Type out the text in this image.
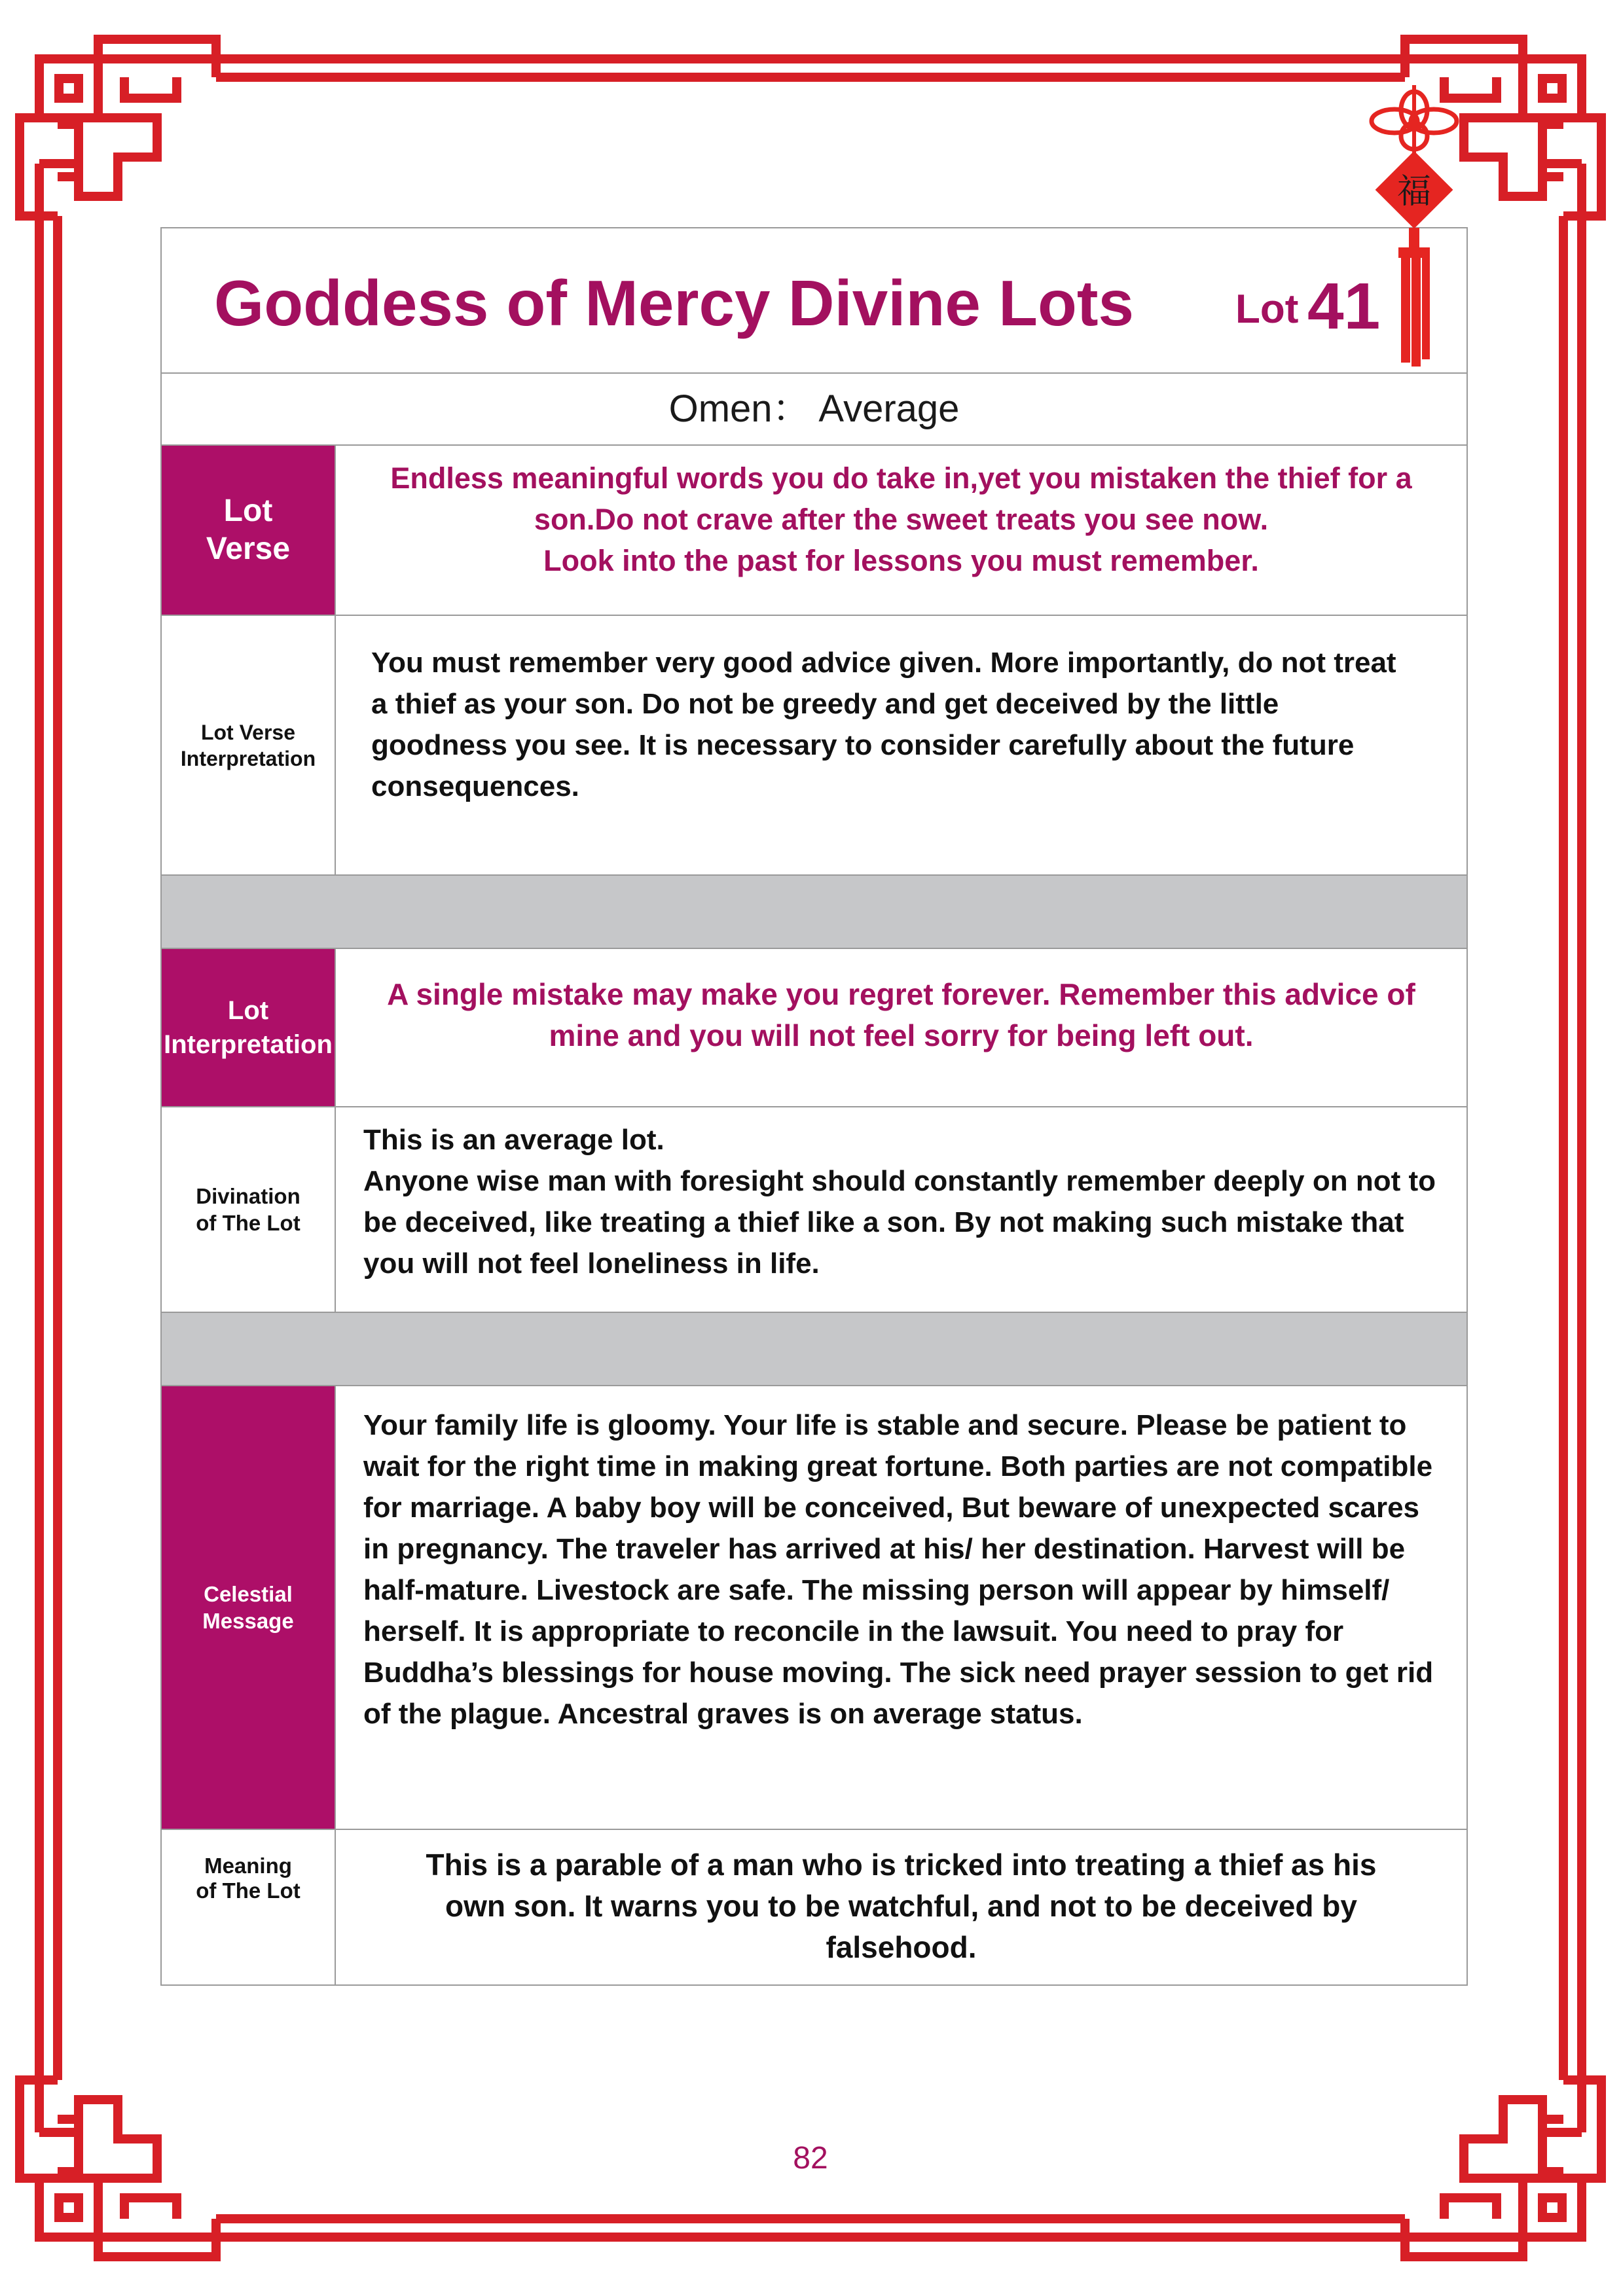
Goddess of Mercy Divine Lots	Lot 41
Omen： Average
Lot
Verse

Endless meaningful words you do take in,yet you mistaken the thief for a son.Do not crave after the sweet treats you see now.
Look into the past for lessons you must remember.

Lot Verse
Interpretation

You must remember very good advice given. More importantly, do not treat a thief as your son. Do not be greedy and get deceived by the little goodness you see. It is necessary to consider carefully about the future consequences.

Lot
Interpretation

A single mistake may make you regret forever. Remember this advice of mine and you will not feel sorry for being left out.

Divination
of The Lot

This is an average lot.

Anyone wise man with foresight should constantly remember deeply on not to be deceived, like treating a thief like a son. By not making such mistake that you will not feel loneliness in life.

Celestial
Message

Your family life is gloomy. Your life is stable and secure. Please be patient to wait for the right time in making great fortune. Both parties are not compatible for marriage. A baby boy will be conceived, But beware of unexpected scares in pregnancy. The traveler has arrived at his/ her destination. Harvest will be half-mature. Livestock are safe. The missing person will appear by himself/ herself. It is appropriate to reconcile in the lawsuit. You need to pray for Buddha’s blessings for house moving. The sick need prayer session to get rid of the plague. Ancestral graves is on average status.

Meaning
of The Lot

This is a parable of a man who is tricked into treating a thief as his own son. It warns you to be watchful, and not to be deceived by falsehood.

福
82
